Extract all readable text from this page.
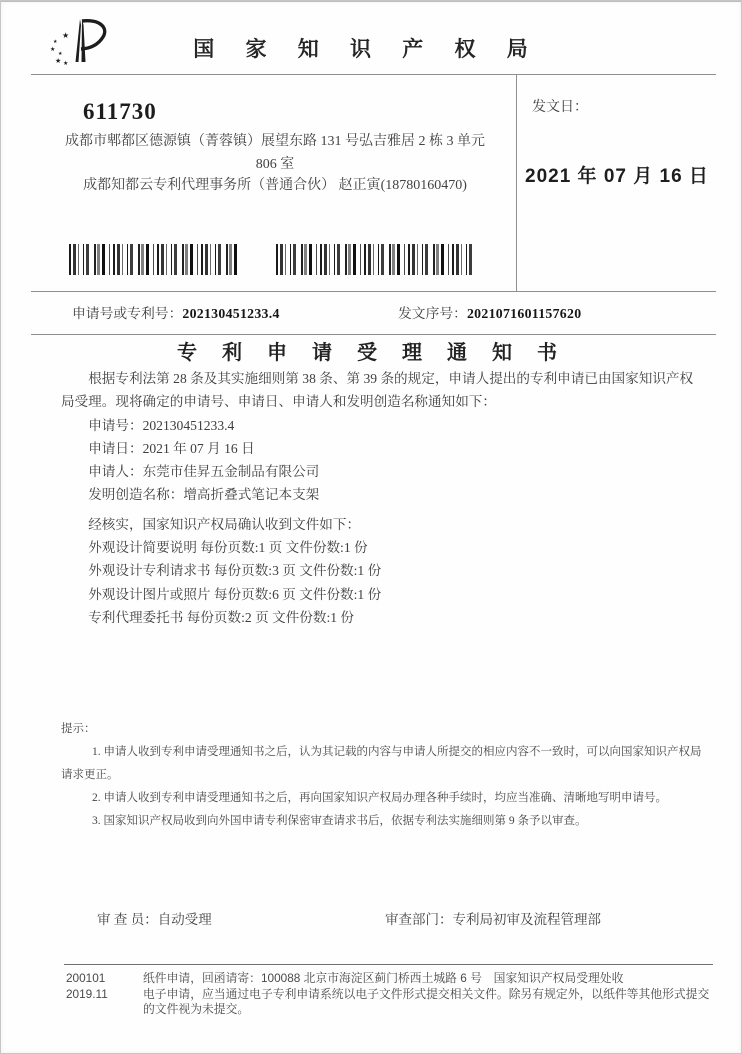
★
★
★
★
★ ★
国 家 知 识 产 权 局
611730
成都市郫都区德源镇（菁蓉镇）展望东路 131 号弘吉雅居 2 栋 3 单元
806 室
成都知都云专利代理事务所（普通合伙） 赵正寅(18780160470)
发文日：
2021 年 07 月 16 日
申请号或专利号：202130451233.4	发文序号：2021071601157620
专 利 申 请 受 理 通 知 书

根据专利法第 28 条及其实施细则第 38 条、第 39 条的规定，申请人提出的专利申请已由国家知识产权局受理。现将确定的申请号、申请日、申请人和发明创造名称通知如下：

申请号：202130451233.4

申请日：2021 年 07 月 16 日

申请人：东莞市佳昇五金制品有限公司

发明创造名称：增高折叠式笔记本支架

经核实，国家知识产权局确认收到文件如下：

外观设计简要说明 每份页数:1 页 文件份数:1 份

外观设计专利请求书 每份页数:3 页 文件份数:1 份

外观设计图片或照片 每份页数:6 页 文件份数:1 份

专利代理委托书 每份页数:2 页 文件份数:1 份

提示：

1. 申请人收到专利申请受理通知书之后，认为其记载的内容与申请人所提交的相应内容不一致时，可以向国家知识产权局

请求更正。

2. 申请人收到专利申请受理通知书之后，再向国家知识产权局办理各种手续时，均应当准确、清晰地写明申请号。

3. 国家知识产权局收到向外国申请专利保密审查请求书后，依据专利法实施细则第 9 条予以审查。

审 查 员：自动受理	审查部门：专利局初审及流程管理部
200101
2019.11

纸件申请，回函请寄：100088 北京市海淀区蓟门桥西土城路 6 号　国家知识产权局受理处收

电子申请，应当通过电子专利申请系统以电子文件形式提交相关文件。除另有规定外，以纸件等其他形式提交的文件视为未提交。
